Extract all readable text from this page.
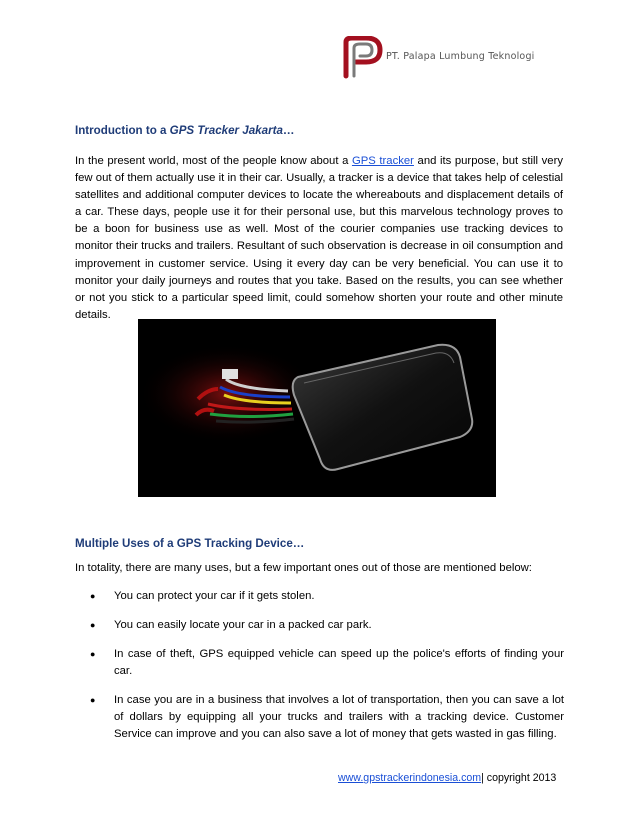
PT. Palapa Lumbung Teknologi
Introduction to a GPS Tracker Jakarta…
In the present world, most of the people know about a GPS tracker and its purpose, but still very few out of them actually use it in their car. Usually, a tracker is a device that takes help of celestial satellites and additional computer devices to locate the whereabouts and displacement details of a car. These days, people use it for their personal use, but this marvelous technology proves to be a boon for business use as well. Most of the courier companies use tracking devices to monitor their trucks and trailers. Resultant of such observation is decrease in oil consumption and improvement in customer service. Using it every day can be very beneficial. You can use it to monitor your daily journeys and routes that you take. Based on the results, you can see whether or not you stick to a particular speed limit, could somehow shorten your route and other minute details.
Multiple Uses of a GPS Tracking Device…
In totality, there are many uses, but a few important ones out of those are mentioned below:
● You can protect your car if it gets stolen.
● You can easily locate your car in a packed car park.
● In case of theft, GPS equipped vehicle can speed up the police's efforts of finding your car.
● In case you are in a business that involves a lot of transportation, then you can save a lot of dollars by equipping all your trucks and trailers with a tracking device. Customer Service can improve and you can also save a lot of money that gets wasted in gas filling.
www.gpstrackerindonesia.com| copyright 2013
